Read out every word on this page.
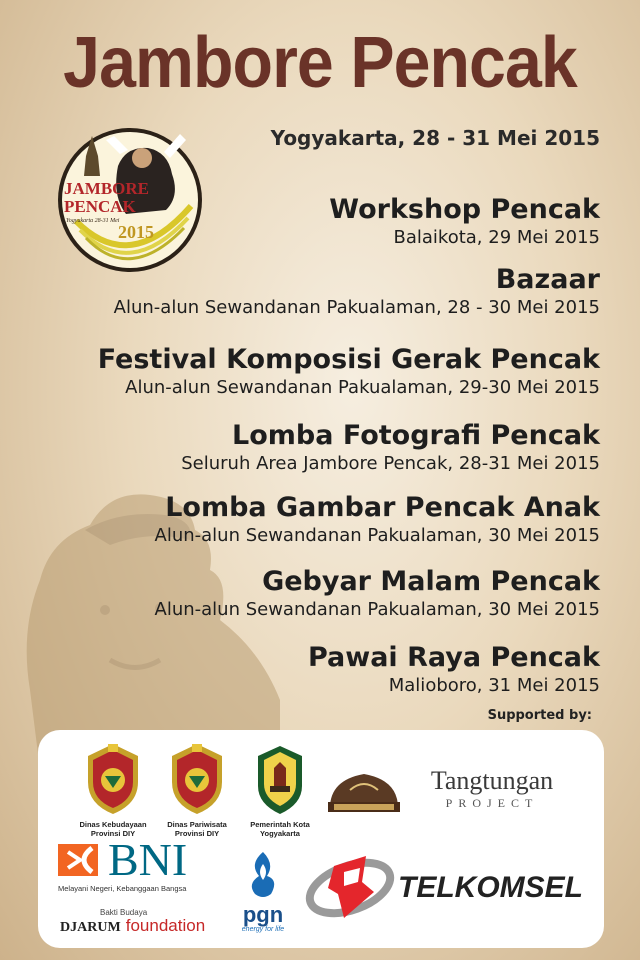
Jambore Pencak
Yogyakarta, 28 - 31 Mei 2015
JAMBORE
PENCAK
Yogyakarta 28-31 Mei
2015
Workshop Pencak
Balaikota, 29 Mei 2015
Bazaar
Alun-alun Sewandanan Pakualaman, 28 - 30 Mei 2015
Festival Komposisi Gerak Pencak
Alun-alun Sewandanan Pakualaman, 29-30 Mei 2015
Lomba Fotografi Pencak
Seluruh Area Jambore Pencak, 28-31 Mei 2015
Lomba Gambar Pencak Anak
Alun-alun Sewandanan Pakualaman, 30 Mei 2015
Gebyar Malam Pencak
Alun-alun Sewandanan Pakualaman, 30 Mei 2015
Pawai Raya Pencak
Malioboro, 31 Mei 2015
Supported by:
Dinas Kebudayaan
Provinsi DIY
Dinas Pariwisata
Provinsi DIY
Pemerintah Kota
Yogyakarta
Tangtungan
PROJECT
BNI
Melayani Negeri, Kebanggaan Bangsa
Bakti Budaya
DJARUM foundation	pgn
energy for life
TELKOMSEL
